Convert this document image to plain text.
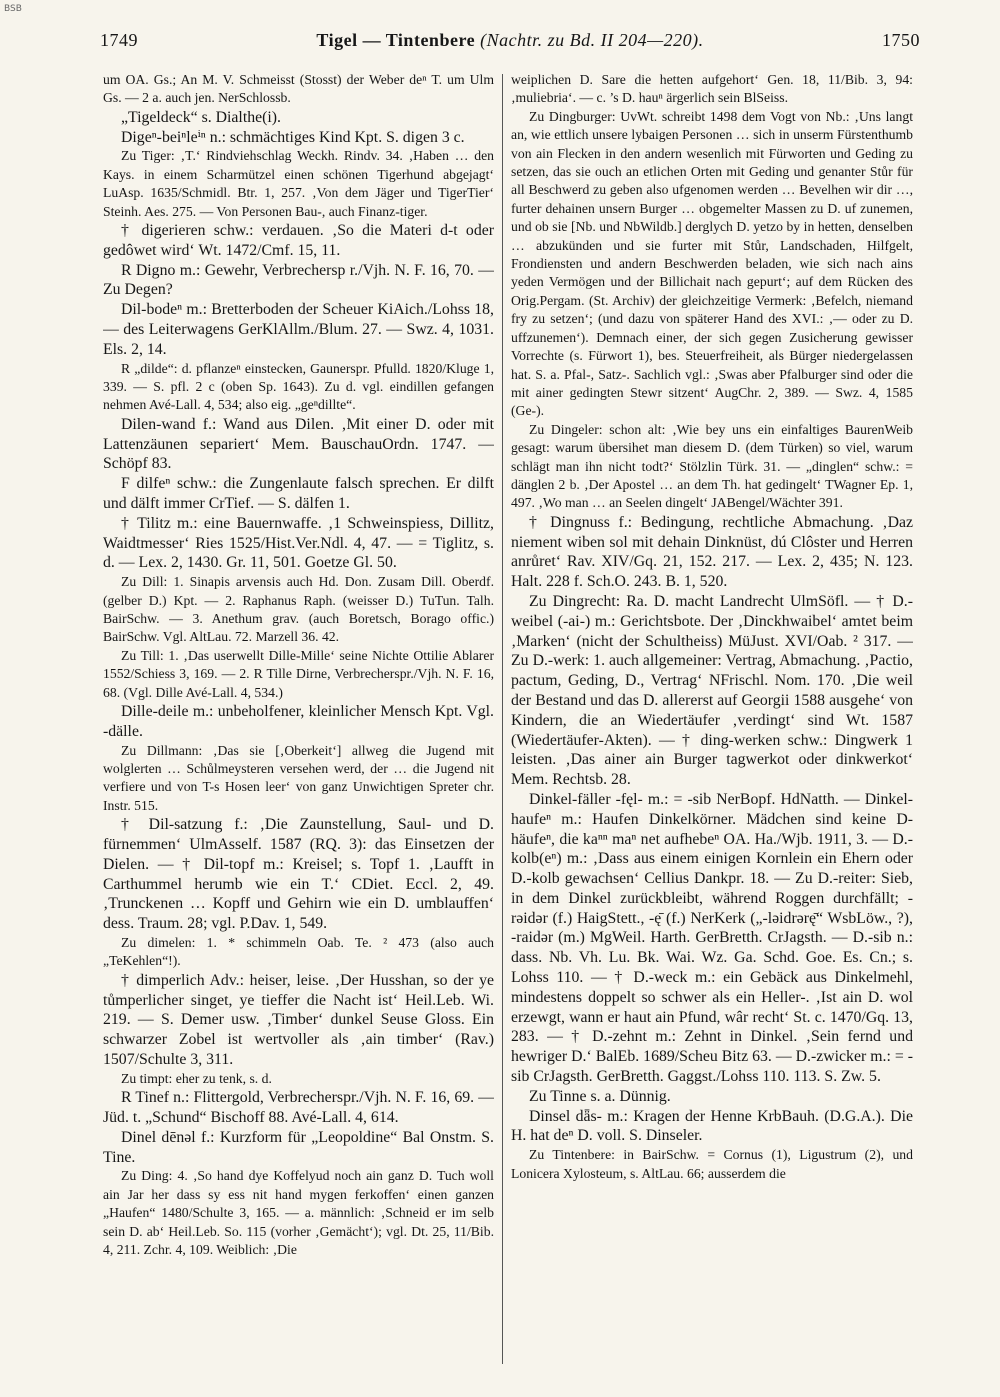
BSB
1749	Tigel — Tintenbere (Nachtr. zu Bd. II 204—220).	1750

um OA. Gs.; An M. V. Schmeisst (Stosst) der Weber deⁿ T. um Ulm Gs. — 2 a. auch jen. NerSchlossb.

„Tigeldeck“ s. Dialthe(i).

Digeⁿ-beiⁿleⁱⁿ n.: schmächtiges Kind Kpt. S. digen 3 c.

Zu Tiger: ‚T.‘ Rindviehschlag Weckh. Rindv. 34. ‚Haben … den Kays. in einem Scharmützel einen schönen Tigerhund abgejagt‘ LuAsp. 1635/Schmidl. Btr. 1, 257. ‚Von dem Jäger und TigerTier‘ Steinh. Aes. 275. — Von Personen Bau-, auch Finanz-tiger.

† digerieren schw.: verdauen. ‚So die Materi d-t oder gedôwet wird‘ Wt. 1472/Cmf. 15, 11.

R Digno m.: Gewehr, Verbrechersp r./Vjh. N. F. 16, 70. — Zu Degen?

Dil-bodeⁿ m.: Bretterboden der Scheuer KiAich./Lohss 18, — des Leiterwagens GerKlAllm./Blum. 27. — Swz. 4, 1031. Els. 2, 14.

R „dilde“: d. pflanzeⁿ einstecken, Gaunerspr. Pfulld. 1820/Kluge 1, 339. — S. pfl. 2 c (oben Sp. 1643). Zu d. vgl. eindillen gefangen nehmen Avé-Lall. 4, 534; also eig. „geⁿdillte“.

Dilen-wand f.: Wand aus Dilen. ‚Mit einer D. oder mit Lattenzäunen separiert‘ Mem. BauschauOrdn. 1747. — Schöpf 83.

F dilfeⁿ schw.: die Zungenlaute falsch sprechen. Er dilft und dälft immer CrTief. — S. dälfen 1.

† Tilitz m.: eine Bauernwaffe. ‚1 Schweinspiess, Dillitz, Waidtmesser‘ Ries 1525/Hist.Ver.Ndl. 4, 47. — = Tiglitz, s. d. — Lex. 2, 1430. Gr. 11, 501. Goetze Gl. 50.

Zu Dill: 1. Sinapis arvensis auch Hd. Don. Zusam Dill. Oberdf. (gelber D.) Kpt. — 2. Raphanus Raph. (weisser D.) TuTun. Talh. BairSchw. — 3. Anethum grav. (auch Boretsch, Borago offic.) BairSchw. Vgl. AltLau. 72. Marzell 36. 42.

Zu Till: 1. ‚Das userwellt Dille-Mille‘ seine Nichte Ottilie Ablarer 1552/Schiess 3, 169. — 2. R Tille Dirne, Verbrecherspr./Vjh. N. F. 16, 68. (Vgl. Dille Avé-Lall. 4, 534.)

Dille-deile m.: unbeholfener, kleinlicher Mensch Kpt. Vgl. -dälle.

Zu Dillmann: ‚Das sie [‚Oberkeit‘] allweg die Jugend mit wolglerten … Schůlmeysteren versehen werd, der … die Jugend nit verfiere und von T-s Hosen leer‘ von ganz Unwichtigen Spreter chr. Instr. 515.

† Dil-satzung f.: ‚Die Zaunstellung, Saul- und D. fürnemmen‘ UlmAsself. 1587 (RQ. 3): das Einsetzen der Dielen. — † Dil-topf m.: Kreisel; s. Topf 1. ‚Laufft in Carthummel herumb wie ein T.‘ CDiet. Eccl. 2, 49. ‚Trunckenen … Kopff und Gehirn wie ein D. umblauffen‘ dess. Traum. 28; vgl. P.Dav. 1, 549.

Zu dimelen: 1. * schimmeln Oab. Te. ² 473 (also auch „TeKehlen“!).

† dimperlich Adv.: heiser, leise. ‚Der Husshan, so der ye tůmperlicher singet, ye tieffer die Nacht ist‘ Heil.Leb. Wi. 219. — S. Demer usw. ‚Timber‘ dunkel Seuse Gloss. Ein schwarzer Zobel ist wertvoller als ‚ain timber‘ (Rav.) 1507/Schulte 3, 311.

Zu timpt: eher zu tenk, s. d.

R Tinef n.: Flittergold, Verbrecherspr./Vjh. N. F. 16, 69. — Jüd. t. „Schund“ Bischoff 88. Avé-Lall. 4, 614.

Dinel dēnəl f.: Kurzform für „Leopoldine“ Bal Onstm. S. Tine.

Zu Ding: 4. ‚So hand dye Koffelyud noch ain ganz D. Tuch woll ain Jar her dass sy ess nit hand mygen ferkoffen‘ einen ganzen „Haufen“ 1480/Schulte 3, 165. — a. männlich: ‚Schneid er im selb sein D. ab‘ Heil.Leb. So. 115 (vorher ‚Gemächt‘); vgl. Dt. 25, 11/Bib. 4, 211. Zchr. 4, 109. Weiblich: ‚Die

weiplichen D. Sare die hetten aufgehort‘ Gen. 18, 11/Bib. 3, 94: ‚muliebria‘. — c. ’s D. hauⁿ ärgerlich sein BlSeiss.

Zu Dingburger: UvWt. schreibt 1498 dem Vogt von Nb.: ‚Uns langt an, wie ettlich unsere lybaigen Personen … sich in unserm Fürstenthumb von ain Flecken in den andern wesenlich mit Fürworten und Geding zu setzen, das sie ouch an etlichen Orten mit Geding und genanter Stůr für all Beschwerd zu geben also ufgenomen werden … Bevelhen wir dir …, furter dehainen unsern Burger … obgemelter Massen zu D. uf zunemen, und ob sie [Nb. und NbWildb.] derglych D. yetzo by in hetten, denselben … abzukünden und sie furter mit Stůr, Landschaden, Hilfgelt, Frondiensten und andern Beschwerden beladen, wie sich nach ains yeden Vermögen und der Billichait nach gepurt‘; auf dem Rücken des Orig.Pergam. (St. Archiv) der gleichzeitige Vermerk: ‚Befelch, niemand fry zu setzen‘; (und dazu von späterer Hand des XVI.: ‚— oder zu D. uffzunemen‘). Demnach einer, der sich gegen Zusicherung gewisser Vorrechte (s. Fürwort 1), bes. Steuerfreiheit, als Bürger niedergelassen hat. S. a. Pfal-, Satz-. Sachlich vgl.: ‚Swas aber Pfalburger sind oder die mit ainer gedingten Stewr sitzent‘ AugChr. 2, 389. — Swz. 4, 1585 (Ge-).

Zu Dingeler: schon alt: ‚Wie bey uns ein einfaltiges BaurenWeib gesagt: warum übersihet man diesem D. (dem Türken) so viel, warum schlägt man ihn nicht todt?‘ Stölzlin Türk. 31. — „dinglen“ schw.: = dänglen 2 b. ‚Der Apostel … an dem Th. hat gedingelt‘ TWagner Ep. 1, 497. ‚Wo man … an Seelen dingelt‘ JABengel/Wächter 391.

† Dingnuss f.: Bedingung, rechtliche Abmachung. ‚Daz niement wiben sol mit dehain Dinknüst, dú Clôster und Herren anrůret‘ Rav. XIV/Gq. 21, 152. 217. — Lex. 2, 435; N. 123. Halt. 228 f. Sch.O. 243. B. 1, 520.

Zu Dingrecht: Ra. D. macht Landrecht UlmSöfl. — † D.-weibel (-ai-) m.: Gerichtsbote. Der ‚Dinckhwaibel‘ amtet beim ‚Marken‘ (nicht der Schultheiss) MüJust. XVI/Oab. ² 317. — Zu D.-werk: 1. auch allgemeiner: Vertrag, Abmachung. ‚Pactio, pactum, Geding, D., Vertrag‘ NFrischl. Nom. 170. ‚Die weil der Bestand und das D. allererst auf Georgii 1588 ausgehe‘ von Kindern, die an Wiedertäufer ‚verdingt‘ sind Wt. 1587 (Wiedertäufer-Akten). — † ding-werken schw.: Dingwerk 1 leisten. ‚Das ainer ain Burger tagwerkot oder dinkwerkot‘ Mem. Rechtsb. 28.

Dinkel-fäller -fęl- m.: = -sib NerBopf. HdNatth. — Dinkel-haufeⁿ m.: Haufen Dinkelkörner. Mädchen sind keine D-häufeⁿ, die kaⁿⁿ maⁿ net aufhebeⁿ OA. Ha./Wjb. 1911, 3. — D.-kolb(eⁿ) m.: ‚Dass aus einem einigen Kornlein ein Ehern oder D.-kolb gewachsen‘ Cellius Dankpr. 18. — Zu D.-reiter: Sieb, in dem Dinkel zurückbleibt, während Roggen durchfällt; -rəidər (f.) HaigStett., -ę̄ (f.) NerKerk („-ləidrərę̄“ WsbLöw., ?), -raidər (m.) MgWeil. Harth. GerBretth. CrJagsth. — D.-sib n.: dass. Nb. Vh. Lu. Bk. Wai. Wz. Ga. Schd. Goe. Es. Cn.; s. Lohss 110. — † D.-weck m.: ein Gebäck aus Dinkelmehl, mindestens doppelt so schwer als ein Heller-. ‚Ist ain D. wol erzewgt, wann er haut ain Pfund, wâr recht‘ St. c. 1470/Gq. 13, 283. — † D.-zehnt m.: Zehnt in Dinkel. ‚Sein fernd und hewriger D.‘ BalEb. 1689/Scheu Bitz 63. — D.-zwicker m.: = -sib CrJagsth. GerBretth. Gaggst./Lohss 110. 113. S. Zw. 5.

Zu Tinne s. a. Dünnig.

Dinsel dǟs- m.: Kragen der Henne KrbBauh. (D.G.A.). Die H. hat deⁿ D. voll. S. Dinseler.

Zu Tintenbere: in BairSchw. = Cornus (1), Ligustrum (2), und Lonicera Xylosteum, s. AltLau. 66; ausserdem die
